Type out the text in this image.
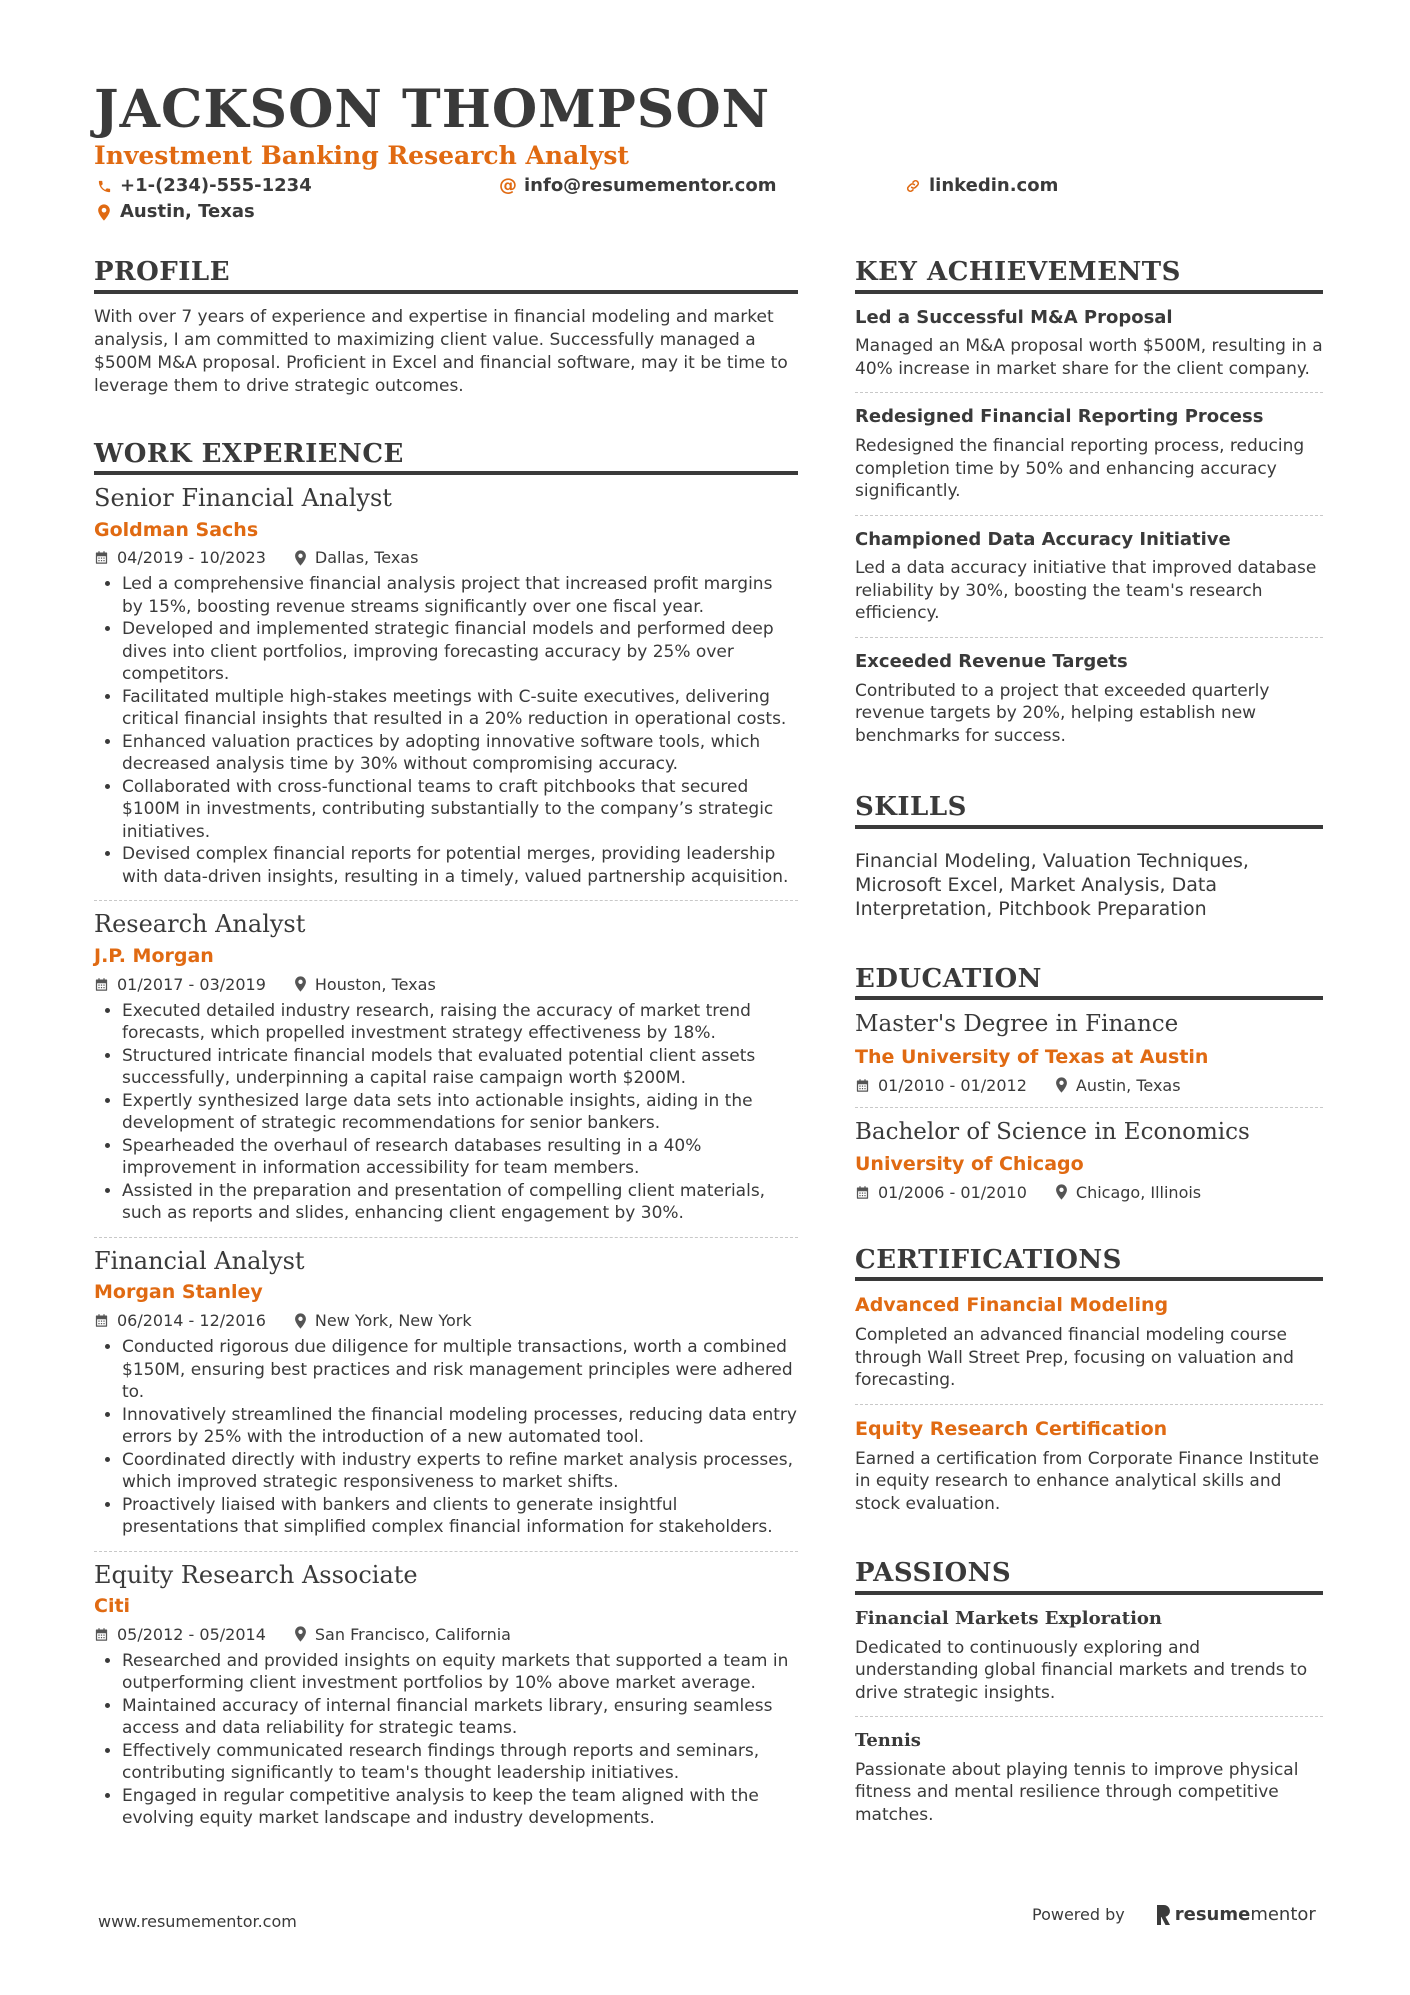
JACKSON THOMPSON
Investment Banking Research Analyst
+1-(234)-555-1234	@ info@resumementor.com	linkedin.com
Austin, Texas
PROFILE
With over 7 years of experience and expertise in financial modeling and market analysis, I am committed to maximizing client value. Successfully managed a $500M M&A proposal. Proficient in Excel and financial software, may it be time to leverage them to drive strategic outcomes.
WORK EXPERIENCE
Senior Financial Analyst
Goldman Sachs
04/2019 - 10/2023	Dallas, Texas
• Led a comprehensive financial analysis project that increased profit margins by 15%, boosting revenue streams significantly over one fiscal year.
• Developed and implemented strategic financial models and performed deep dives into client portfolios, improving forecasting accuracy by 25% over competitors.
• Facilitated multiple high-stakes meetings with C-suite executives, delivering critical financial insights that resulted in a 20% reduction in operational costs.
• Enhanced valuation practices by adopting innovative software tools, which decreased analysis time by 30% without compromising accuracy.
• Collaborated with cross-functional teams to craft pitchbooks that secured $100M in investments, contributing substantially to the company’s strategic initiatives.
• Devised complex financial reports for potential merges, providing leadership with data-driven insights, resulting in a timely, valued partnership acquisition.
Research Analyst
J.P. Morgan
01/2017 - 03/2019	Houston, Texas
• Executed detailed industry research, raising the accuracy of market trend forecasts, which propelled investment strategy effectiveness by 18%.
• Structured intricate financial models that evaluated potential client assets successfully, underpinning a capital raise campaign worth $200M.
• Expertly synthesized large data sets into actionable insights, aiding in the development of strategic recommendations for senior bankers.
• Spearheaded the overhaul of research databases resulting in a 40% improvement in information accessibility for team members.
• Assisted in the preparation and presentation of compelling client materials, such as reports and slides, enhancing client engagement by 30%.
Financial Analyst
Morgan Stanley
06/2014 - 12/2016	New York, New York
• Conducted rigorous due diligence for multiple transactions, worth a combined $150M, ensuring best practices and risk management principles were adhered to.
• Innovatively streamlined the financial modeling processes, reducing data entry errors by 25% with the introduction of a new automated tool.
• Coordinated directly with industry experts to refine market analysis processes, which improved strategic responsiveness to market shifts.
• Proactively liaised with bankers and clients to generate insightful presentations that simplified complex financial information for stakeholders.
Equity Research Associate
Citi
05/2012 - 05/2014	San Francisco, California
• Researched and provided insights on equity markets that supported a team in outperforming client investment portfolios by 10% above market average.
• Maintained accuracy of internal financial markets library, ensuring seamless access and data reliability for strategic teams.
• Effectively communicated research findings through reports and seminars, contributing significantly to team's thought leadership initiatives.
• Engaged in regular competitive analysis to keep the team aligned with the evolving equity market landscape and industry developments.
KEY ACHIEVEMENTS
Led a Successful M&A Proposal
Managed an M&A proposal worth $500M, resulting in a 40% increase in market share for the client company.
Redesigned Financial Reporting Process
Redesigned the financial reporting process, reducing completion time by 50% and enhancing accuracy significantly.
Championed Data Accuracy Initiative
Led a data accuracy initiative that improved database reliability by 30%, boosting the team's research efficiency.
Exceeded Revenue Targets
Contributed to a project that exceeded quarterly revenue targets by 20%, helping establish new benchmarks for success.
SKILLS
Financial Modeling, Valuation Techniques, Microsoft Excel, Market Analysis, Data Interpretation, Pitchbook Preparation
EDUCATION
Master's Degree in Finance
The University of Texas at Austin
01/2010 - 01/2012	Austin, Texas
Bachelor of Science in Economics
University of Chicago
01/2006 - 01/2010	Chicago, Illinois
CERTIFICATIONS
Advanced Financial Modeling
Completed an advanced financial modeling course through Wall Street Prep, focusing on valuation and forecasting.
Equity Research Certification
Earned a certification from Corporate Finance Institute in equity research to enhance analytical skills and stock evaluation.
PASSIONS
Financial Markets Exploration
Dedicated to continuously exploring and understanding global financial markets and trends to drive strategic insights.
Tennis
Passionate about playing tennis to improve physical fitness and mental resilience through competitive matches.
www.resumementor.com	Powered by	resume mentor
